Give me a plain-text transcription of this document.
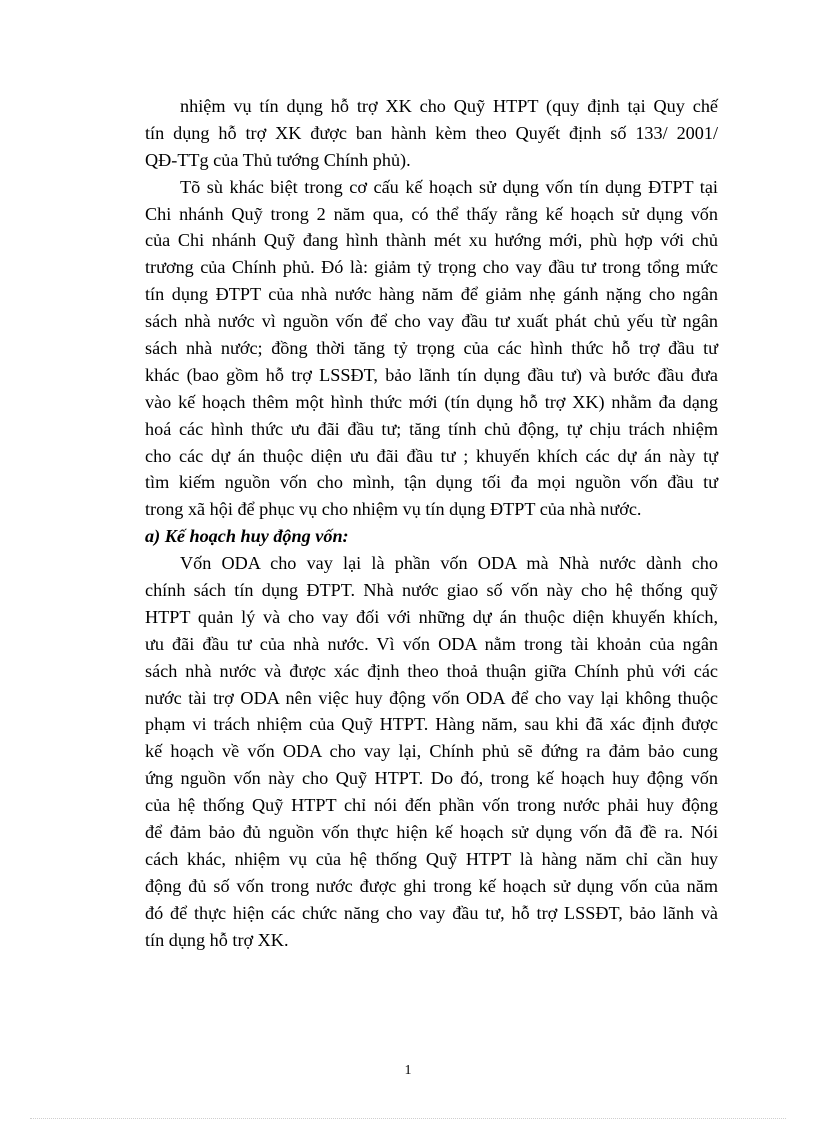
nhiệm vụ tín dụng hỗ trợ XK cho Quỹ HTPT (quy định tại Quy chế
tín dụng hỗ trợ XK được ban hành kèm theo Quyết định số 133/ 2001/
QĐ-TTg của Thủ tướng Chính phủ).
Tõ sù khác biệt trong cơ cấu kế hoạch sử dụng vốn tín dụng ĐTPT tại
Chi nhánh Quỹ trong 2 năm qua, có thể thấy rằng kế hoạch sử dụng vốn
của Chi nhánh Quỹ đang hình thành mét xu hướng mới, phù hợp với chủ
trương của Chính phủ. Đó là: giảm tỷ trọng cho vay đầu tư trong tổng mức
tín dụng ĐTPT của nhà nước hàng năm để giảm nhẹ gánh nặng cho ngân
sách nhà nước vì nguồn vốn để cho vay đầu tư xuất phát chủ yếu từ ngân
sách nhà nước; đồng thời tăng tỷ trọng của các hình thức hỗ trợ đầu tư
khác (bao gồm hỗ trợ LSSĐT, bảo lãnh tín dụng đầu tư) và bước đầu đưa
vào kế hoạch thêm một hình thức mới (tín dụng hỗ trợ XK) nhằm đa dạng
hoá các hình thức ưu đãi đầu tư; tăng tính chủ động, tự chịu trách nhiệm
cho các dự án thuộc diện ưu đãi đầu tư ; khuyến khích các dự án này tự
tìm kiếm nguồn vốn cho mình, tận dụng tối đa mọi nguồn vốn đầu tư
trong xã hội để phục vụ cho nhiệm vụ tín dụng ĐTPT của nhà nước.
a) Kế hoạch huy động vốn:
Vốn ODA cho vay lại là phần vốn ODA mà Nhà nước dành cho
chính sách tín dụng ĐTPT. Nhà nước giao số vốn này cho hệ thống quỹ
HTPT quản lý và cho vay đối với những dự án thuộc diện khuyến khích,
ưu đãi đầu tư của nhà nước. Vì vốn ODA nằm trong tài khoản của ngân
sách nhà nước và được xác định theo thoả thuận giữa Chính phủ với các
nước tài trợ ODA nên việc huy động vốn ODA để cho vay lại không thuộc
phạm vi trách nhiệm của Quỹ HTPT. Hàng năm, sau khi đã xác định được
kế hoạch về vốn ODA cho vay lại, Chính phủ sẽ đứng ra đảm bảo cung
ứng nguồn vốn này cho Quỹ HTPT. Do đó, trong kế hoạch huy động vốn
của hệ thống Quỹ HTPT chỉ nói đến phần vốn trong nước phải huy động
để đảm bảo đủ nguồn vốn thực hiện kế hoạch sử dụng vốn đã đề ra. Nói
cách khác, nhiệm vụ của hệ thống Quỹ HTPT là hàng năm chỉ cần huy
động đủ số vốn trong nước được ghi trong kế hoạch sử dụng vốn của năm
đó để thực hiện các chức năng cho vay đầu tư, hỗ trợ LSSĐT, bảo lãnh và
tín dụng hỗ trợ XK.
1
